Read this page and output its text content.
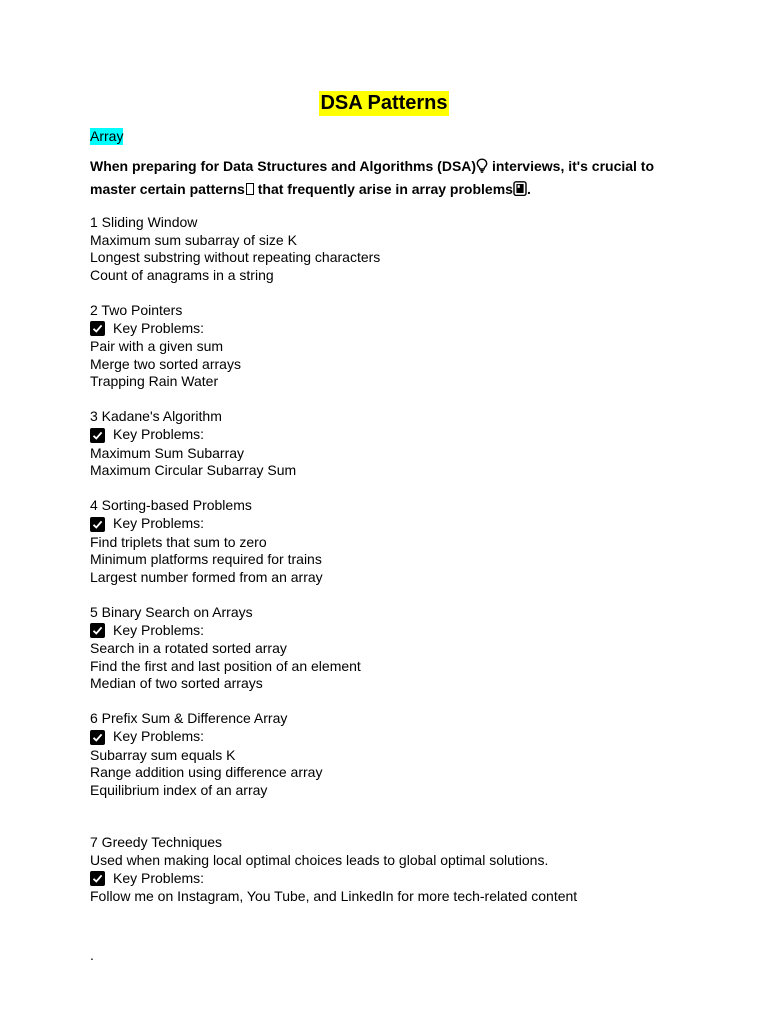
DSA Patterns
Array
When preparing for Data Structures and Algorithms (DSA) interviews, it's crucial to master certain patterns that frequently arise in array problems .
1 Sliding Window
Maximum sum subarray of size K
Longest substring without repeating characters
Count of anagrams in a string
2 Two Pointers
Key Problems:
Pair with a given sum
Merge two sorted arrays
Trapping Rain Water
3 Kadane's Algorithm
Key Problems:
Maximum Sum Subarray
Maximum Circular Subarray Sum
4 Sorting-based Problems
Key Problems:
Find triplets that sum to zero
Minimum platforms required for trains
Largest number formed from an array
5 Binary Search on Arrays
Key Problems:
Search in a rotated sorted array
Find the first and last position of an element
Median of two sorted arrays
6 Prefix Sum & Difference Array
Key Problems:
Subarray sum equals K
Range addition using difference array
Equilibrium index of an array
7 Greedy Techniques
Used when making local optimal choices leads to global optimal solutions.
Key Problems:
Follow me on Instagram, You Tube, and LinkedIn for more tech-related content
.
